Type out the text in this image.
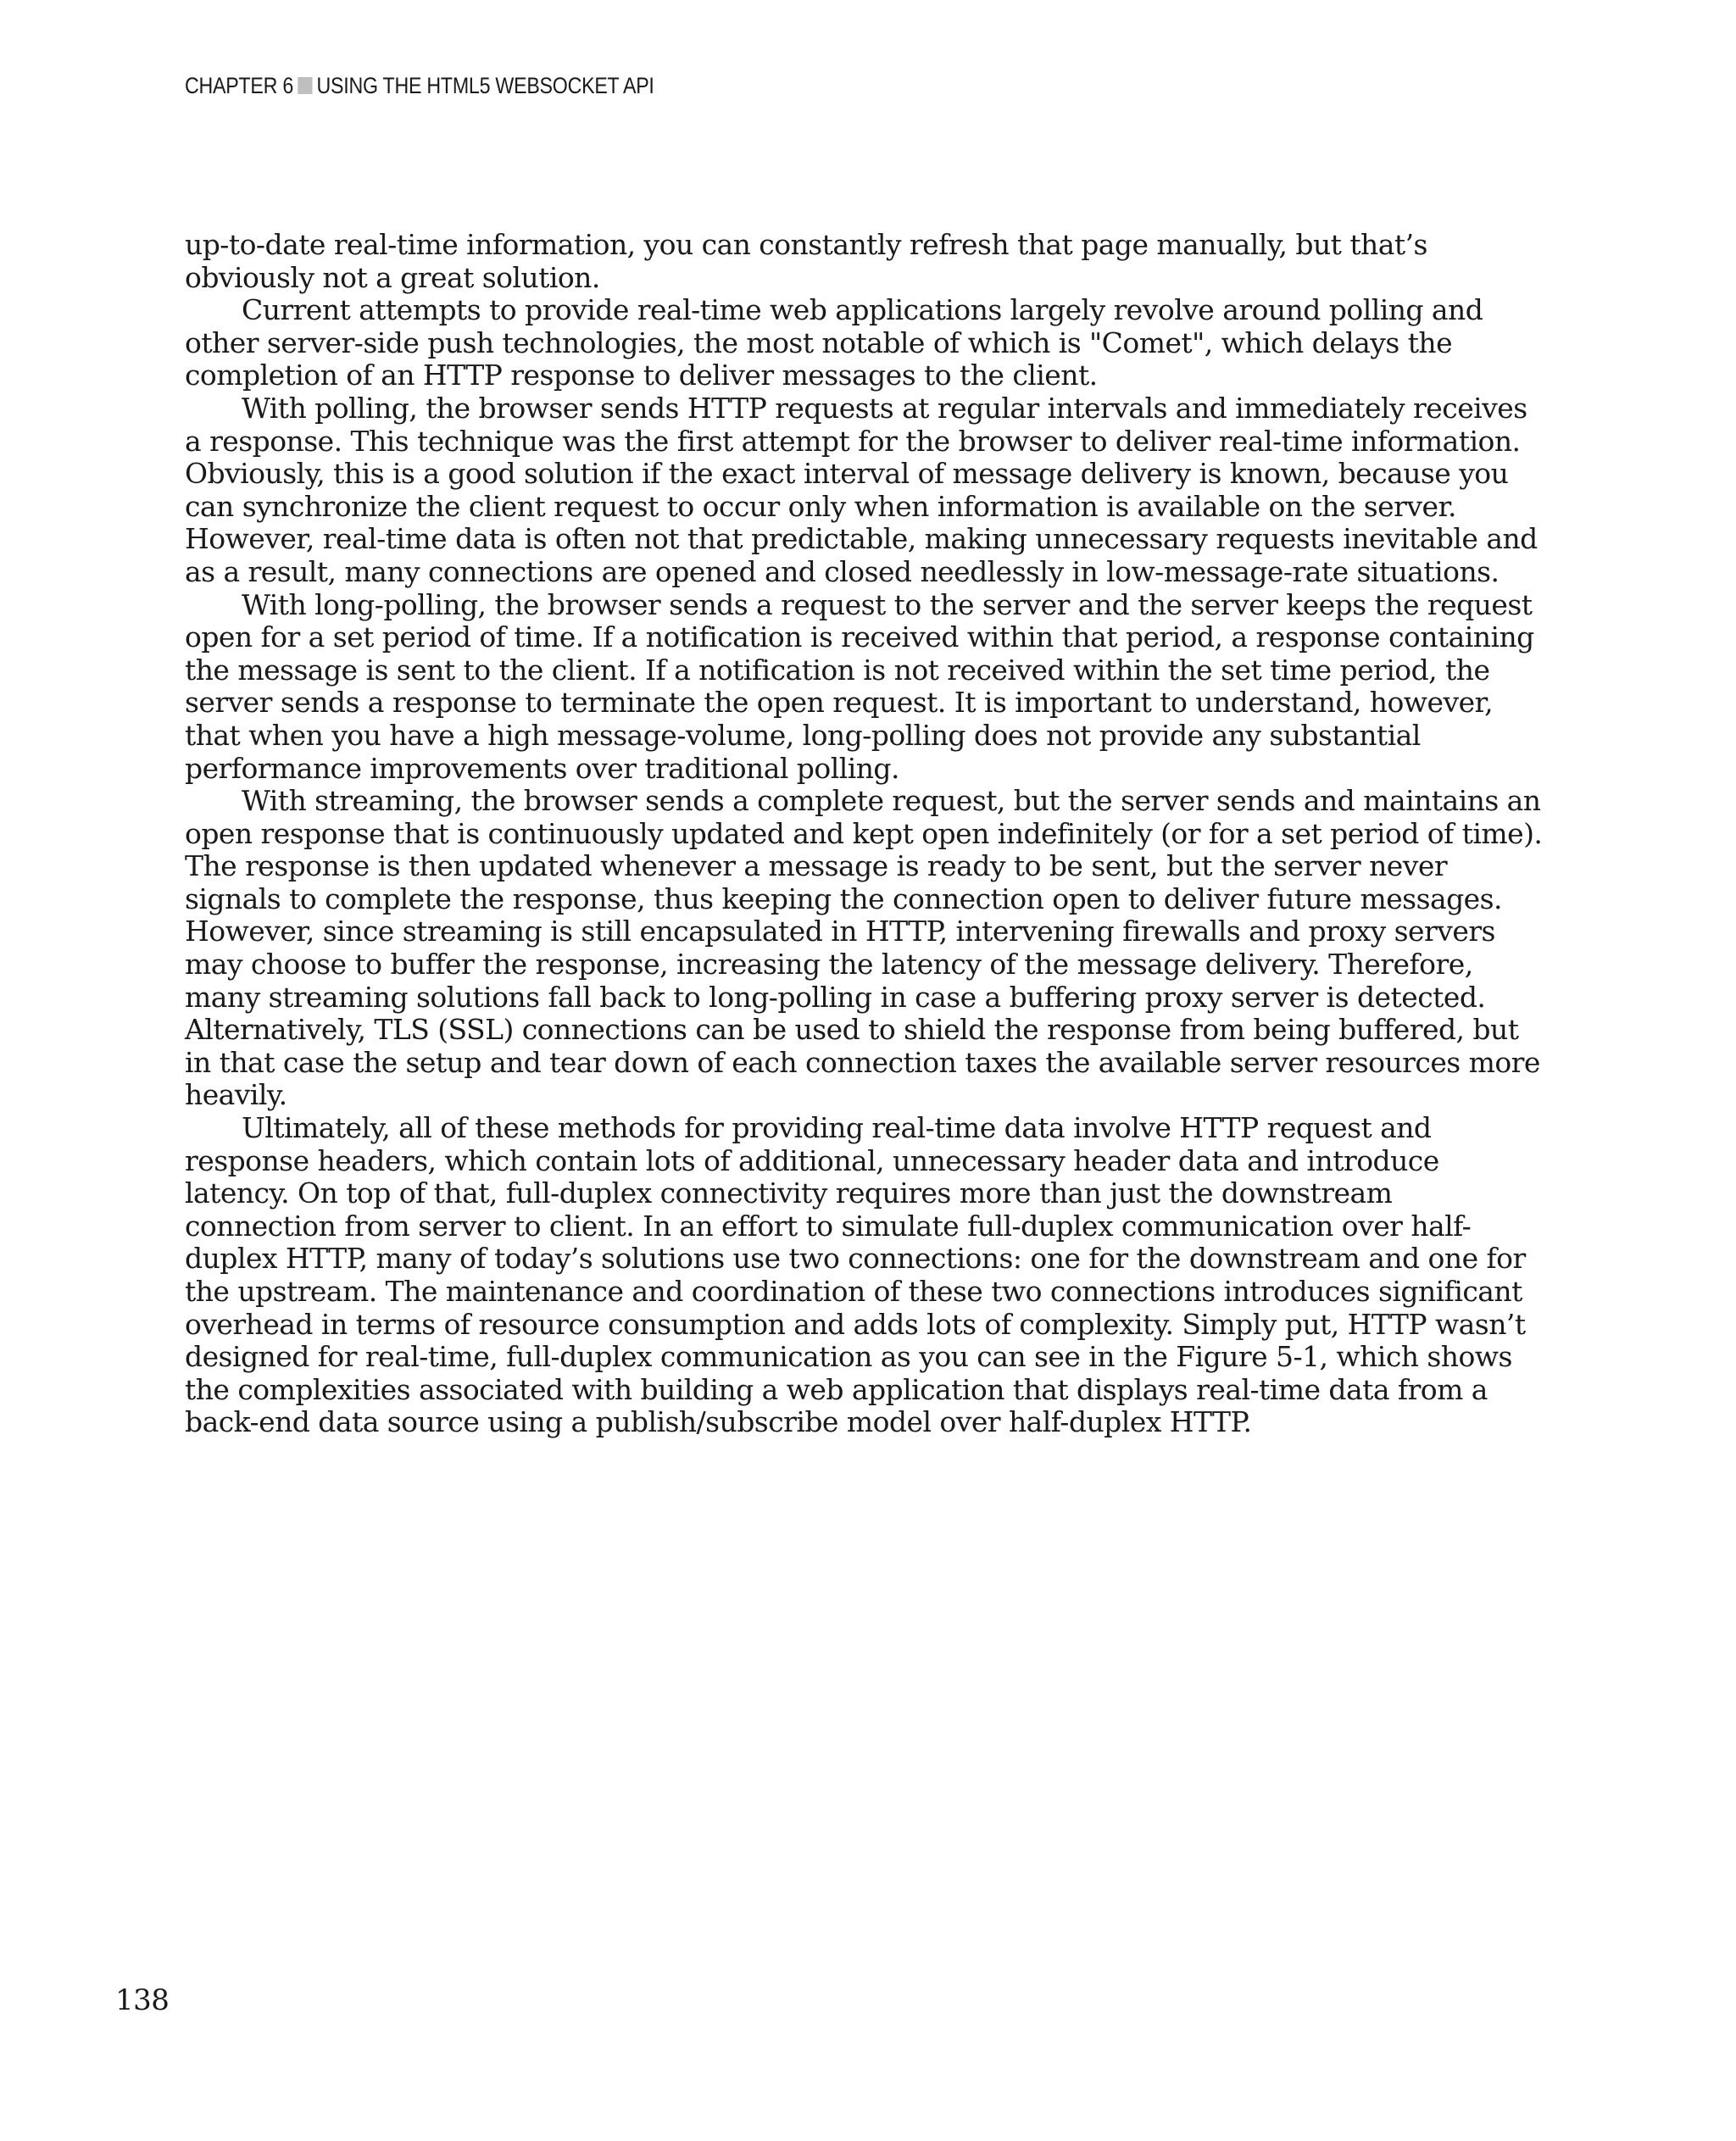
CHAPTER 6 USING THE HTML5 WEBSOCKET API

up-to-date real-time information, you can constantly refresh that page manually, but that’s obviously not a great solution.

Current attempts to provide real-time web applications largely revolve around polling and other server-side push technologies, the most notable of which is "Comet", which delays the completion of an HTTP response to deliver messages to the client.

With polling, the browser sends HTTP requests at regular intervals and immediately receives a response. This technique was the first attempt for the browser to deliver real-time information. Obviously, this is a good solution if the exact interval of message delivery is known, because you can synchronize the client request to occur only when information is available on the server. However, real-time data is often not that predictable, making unnecessary requests inevitable and as a result, many connections are opened and closed needlessly in low-message-rate situations.

With long-polling, the browser sends a request to the server and the server keeps the request open for a set period of time. If a notification is received within that period, a response containing the message is sent to the client. If a notification is not received within the set time period, the server sends a response to terminate the open request. It is important to understand, however, that when you have a high message-volume, long-polling does not provide any substantial performance improvements over traditional polling.

With streaming, the browser sends a complete request, but the server sends and maintains an open response that is continuously updated and kept open indefinitely (or for a set period of time). The response is then updated whenever a message is ready to be sent, but the server never signals to complete the response, thus keeping the connection open to deliver future messages. However, since streaming is still encapsulated in HTTP, intervening firewalls and proxy servers may choose to buffer the response, increasing the latency of the message delivery. Therefore, many streaming solutions fall back to long-polling in case a buffering proxy server is detected. Alternatively, TLS (SSL) connections can be used to shield the response from being buffered, but in that case the setup and tear down of each connection taxes the available server resources more heavily.

Ultimately, all of these methods for providing real-time data involve HTTP request and response headers, which contain lots of additional, unnecessary header data and introduce latency. On top of that, full-duplex connectivity requires more than just the downstream connection from server to client. In an effort to simulate full-duplex communication over half-duplex HTTP, many of today’s solutions use two connections: one for the downstream and one for the upstream. The maintenance and coordination of these two connections introduces significant overhead in terms of resource consumption and adds lots of complexity. Simply put, HTTP wasn’t designed for real-time, full-duplex communication as you can see in the Figure 5-1, which shows the complexities associated with building a web application that displays real-time data from a back-end data source using a publish/subscribe model over half-duplex HTTP.

138
